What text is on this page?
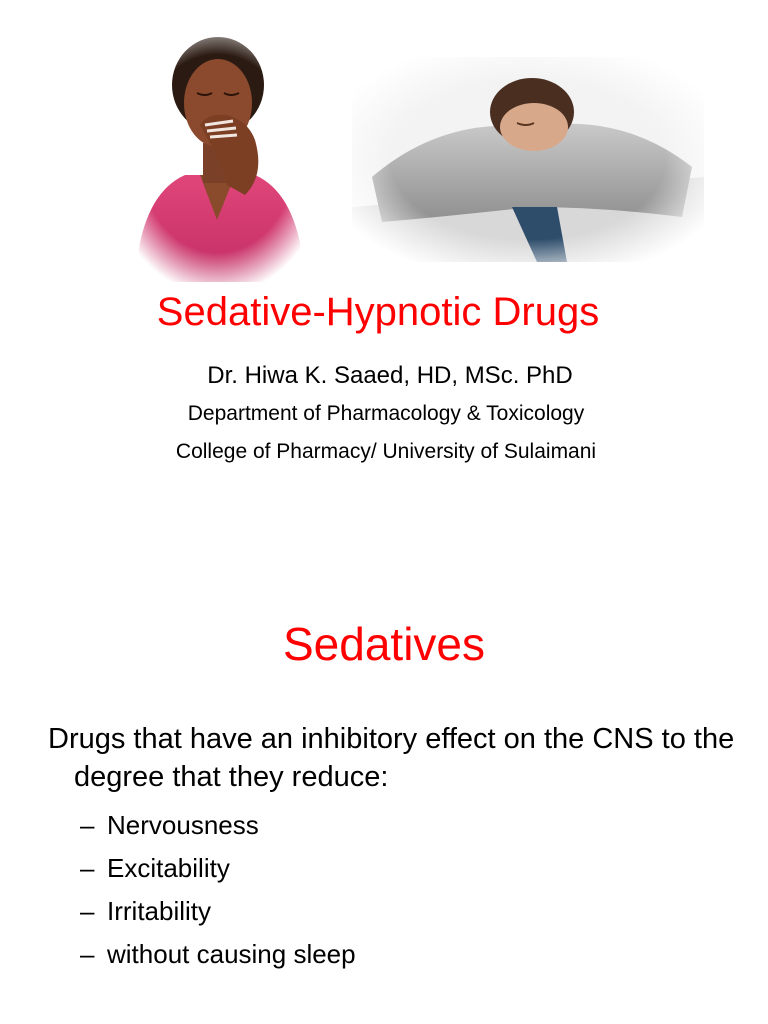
Sedative-Hypnotic Drugs

Dr. Hiwa K. Saaed, HD, MSc. PhD

Department of Pharmacology & Toxicology

College of Pharmacy/ University of Sulaimani

Sedatives

Drugs that have an inhibitory effect on the CNS to the degree that they reduce:

– Nervousness
– Excitability
– Irritability
– without causing sleep
